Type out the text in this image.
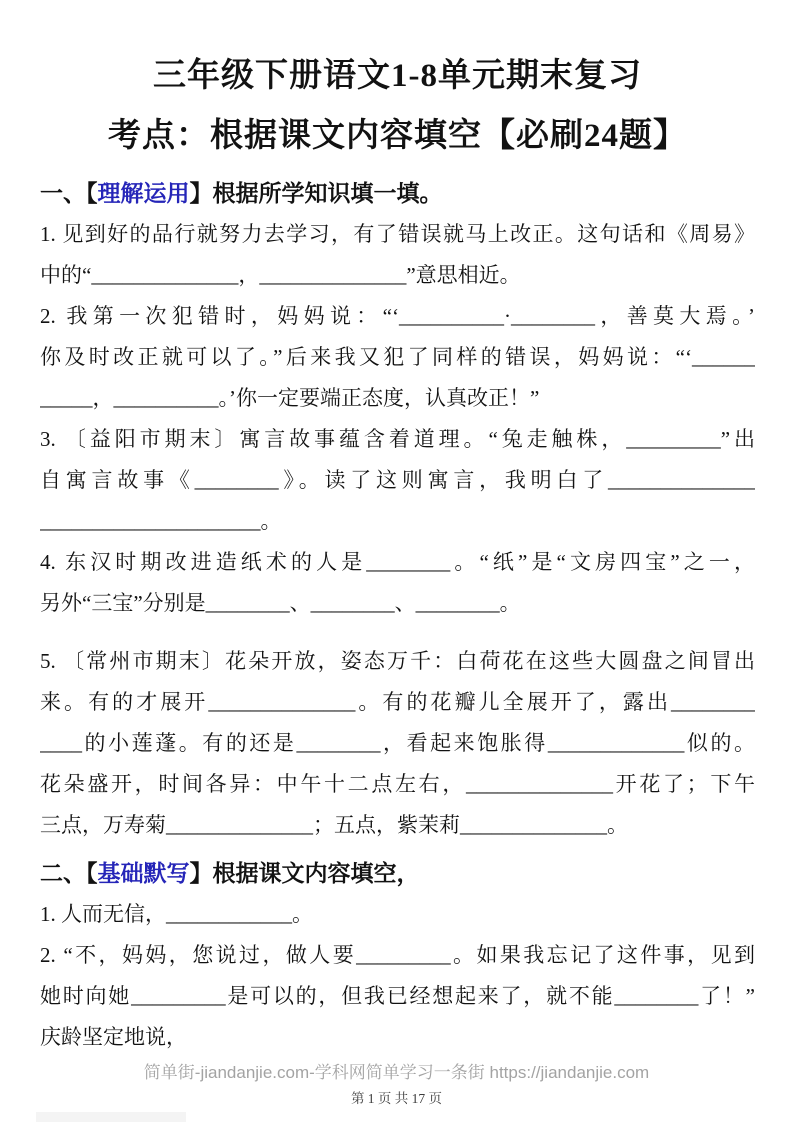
三年级下册语文1-8单元期末复习
考点：根据课文内容填空【必刷24题】
一、【理解运用】根据所学知识填一填。
1. 见到好的品行就努力去学习，有了错误就马上改正。这句话和《周易》
中的“______________，______________”意思相近。
2. 我第一次犯错时，妈妈说：“‘__________·________，善莫大焉。’
你及时改正就可以了。”后来我又犯了同样的错误，妈妈说：“‘______
_____，__________。’你一定要端正态度，认真改正！”
3. 〔益阳市期末〕寓言故事蕴含着道理。“兔走触株，_________”出
自寓言故事《________》。读了这则寓言，我明白了______________
_____________________。
4. 东汉时期改进造纸术的人是________。“纸”是“文房四宝”之一，
另外“三宝”分别是________、________、________。
5. 〔常州市期末〕花朵开放，姿态万千：白荷花在这些大圆盘之间冒出
来。有的才展开______________。有的花瓣儿全展开了，露出________
____的小莲蓬。有的还是________，看起来饱胀得_____________似的。
花朵盛开，时间各异：中午十二点左右，______________开花了；下午
三点，万寿菊______________；五点，紫茉莉______________。
二、【基础默写】根据课文内容填空，
1. 人而无信，____________。
2. “不，妈妈，您说过，做人要_________。如果我忘记了这件事，见到
她时向她_________是可以的，但我已经想起来了，就不能________了！”
庆龄坚定地说，
简单街-jiandanjie.com-学科网简单学习一条街 https://jiandanjie.com
第 1 页 共 17 页
